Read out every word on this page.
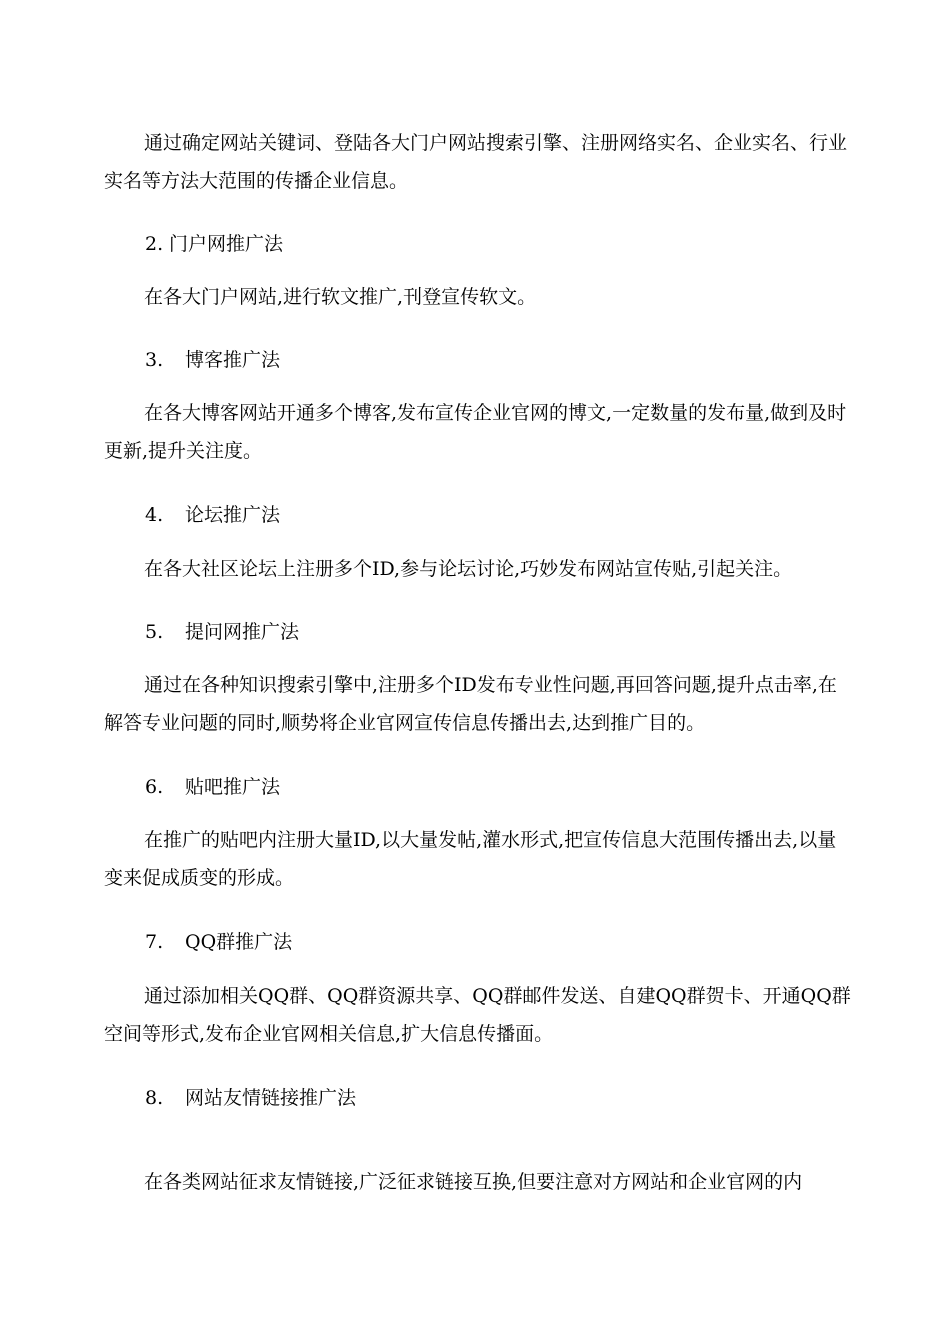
通过确定网站关键词、登陆各大门户网站搜索引擎、注册网络实名、企业实名、行业实名等方法大范围的传播企业信息。

2. 门户网推广法

在各大门户网站,进行软文推广,刊登宣传软文。

3. 博客推广法

在各大博客网站开通多个博客,发布宣传企业官网的博文,一定数量的发布量,做到及时更新,提升关注度。

4. 论坛推广法

在各大社区论坛上注册多个ID,参与论坛讨论,巧妙发布网站宣传贴,引起关注。

5. 提问网推广法

通过在各种知识搜索引擎中,注册多个ID发布专业性问题,再回答问题,提升点击率,在解答专业问题的同时,顺势将企业官网宣传信息传播出去,达到推广目的。

6. 贴吧推广法

在推广的贴吧内注册大量ID,以大量发帖,灌水形式,把宣传信息大范围传播出去,以量变来促成质变的形成。

7. QQ群推广法

通过添加相关QQ群、QQ群资源共享、QQ群邮件发送、自建QQ群贺卡、开通QQ群空间等形式,发布企业官网相关信息,扩大信息传播面。

8. 网站友情链接推广法

在各类网站征求友情链接,广泛征求链接互换,但要注意对方网站和企业官网的内
